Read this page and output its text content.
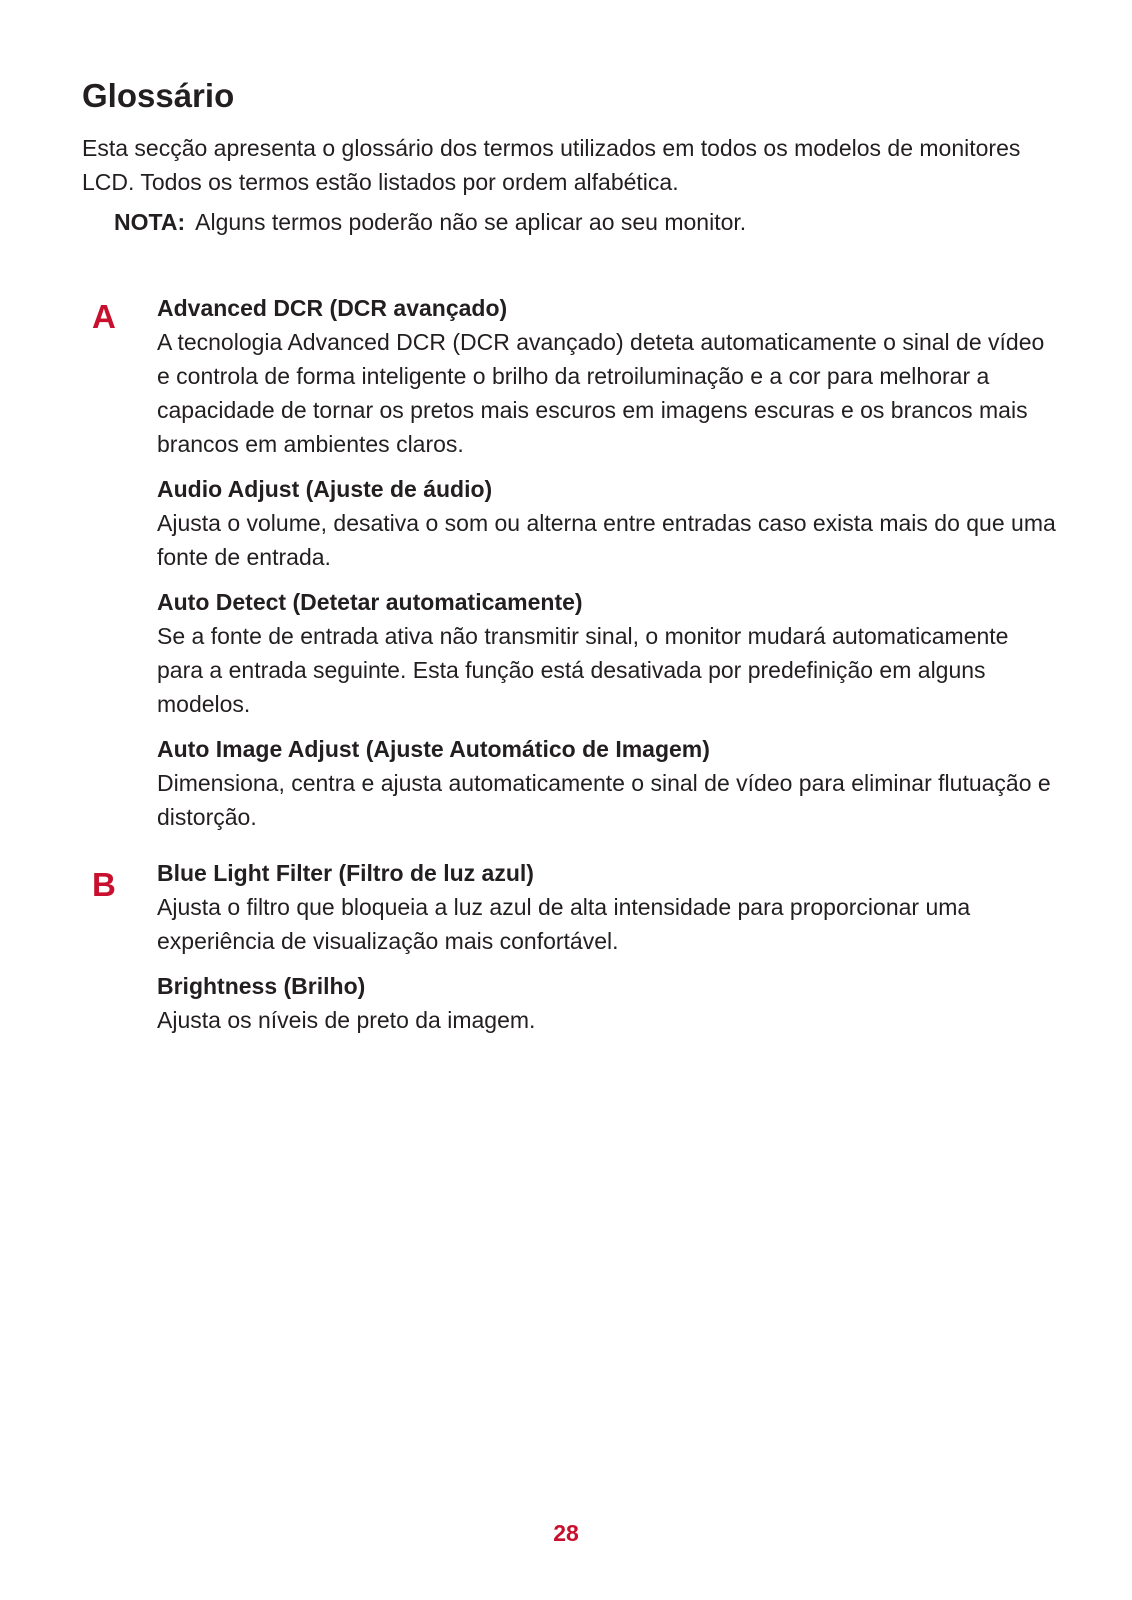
Glossário

Esta secção apresenta o glossário dos termos utilizados em todos os modelos de monitores LCD. Todos os termos estão listados por ordem alfabética.

NOTA: Alguns termos poderão não se aplicar ao seu monitor.

A Advanced DCR (DCR avançado)

A tecnologia Advanced DCR (DCR avançado) deteta automaticamente o sinal de vídeo e controla de forma inteligente o brilho da retroiluminação e a cor para melhorar a capacidade de tornar os pretos mais escuros em imagens escuras e os brancos mais brancos em ambientes claros.

Audio Adjust (Ajuste de áudio)

Ajusta o volume, desativa o som ou alterna entre entradas caso exista mais do que uma fonte de entrada.

Auto Detect (Detetar automaticamente)

Se a fonte de entrada ativa não transmitir sinal, o monitor mudará automaticamente para a entrada seguinte. Esta função está desativada por predefinição em alguns modelos.

Auto Image Adjust (Ajuste Automático de Imagem)

Dimensiona, centra e ajusta automaticamente o sinal de vídeo para eliminar flutuação e distorção.

B Blue Light Filter (Filtro de luz azul)

Ajusta o filtro que bloqueia a luz azul de alta intensidade para proporcionar uma experiência de visualização mais confortável.

Brightness (Brilho)

Ajusta os níveis de preto da imagem.

28
